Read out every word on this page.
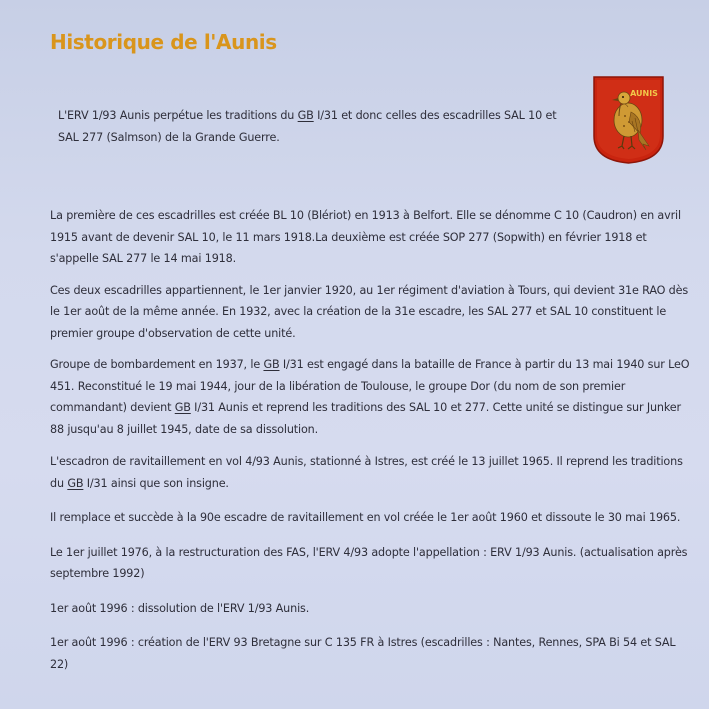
Historique de l'Aunis

L'ERV 1/93 Aunis perpétue les traditions du GB I/31 et donc celles des escadrilles SAL 10 et SAL 277 (Salmson) de la Grande Guerre.

AUNIS

La première de ces escadrilles est créée BL 10 (Blériot) en 1913 à Belfort. Elle se dénomme C 10 (Caudron) en avril 1915 avant de devenir SAL 10, le 11 mars 1918.La deuxième est créée SOP 277 (Sopwith) en février 1918 et s'appelle SAL 277 le 14 mai 1918.

Ces deux escadrilles appartiennent, le 1er janvier 1920, au 1er régiment d'aviation à Tours, qui devient 31e RAO dès le 1er août de la même année. En 1932, avec la création de la 31e escadre, les SAL 277 et SAL 10 constituent le premier groupe d'observation de cette unité.

Groupe de bombardement en 1937, le GB I/31 est engagé dans la bataille de France à partir du 13 mai 1940 sur LeO 451. Reconstitué le 19 mai 1944, jour de la libération de Toulouse, le groupe Dor (du nom de son premier commandant) devient GB I/31 Aunis et reprend les traditions des SAL 10 et 277. Cette unité se distingue sur Junker 88 jusqu'au 8 juillet 1945, date de sa dissolution.

L'escadron de ravitaillement en vol 4/93 Aunis, stationné à Istres, est créé le 13 juillet 1965. Il reprend les traditions du GB I/31 ainsi que son insigne.

Il remplace et succède à la 90e escadre de ravitaillement en vol créée le 1er août 1960 et dissoute le 30 mai 1965.

Le 1er juillet 1976, à la restructuration des FAS, l'ERV 4/93 adopte l'appellation : ERV 1/93 Aunis. (actualisation après septembre 1992)

1er août 1996 : dissolution de l'ERV 1/93 Aunis.

1er août 1996 : création de l'ERV 93 Bretagne sur C 135 FR à Istres (escadrilles : Nantes, Rennes, SPA Bi 54 et SAL 22)
